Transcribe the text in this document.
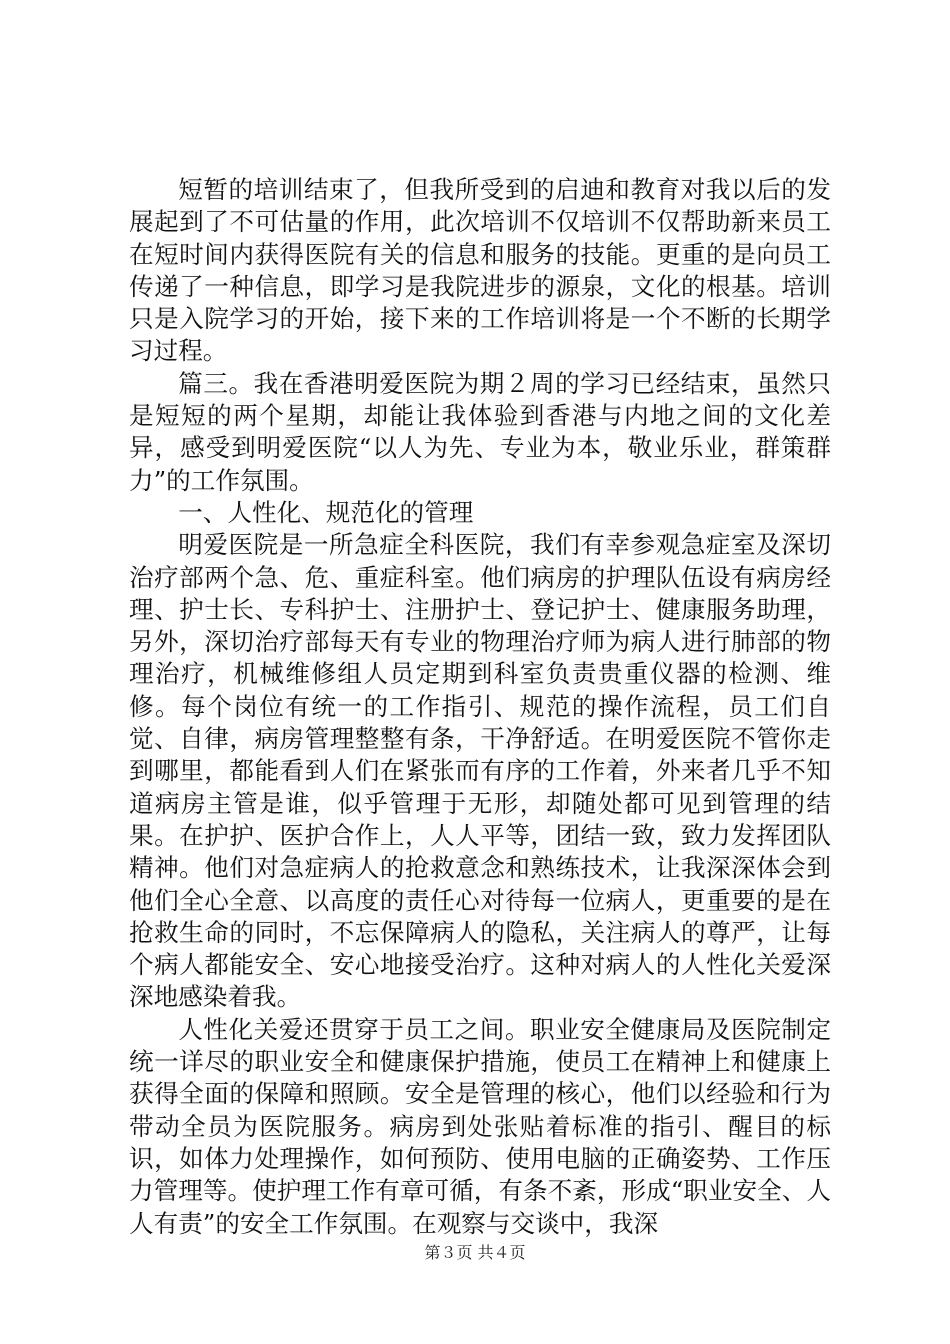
短暂的培训结束了，但我所受到的启迪和教育对我以后的发展起到了不可估量的作用，此次培训不仅培训不仅帮助新来员工在短时间内获得医院有关的信息和服务的技能。更重的是向员工传递了一种信息，即学习是我院进步的源泉，文化的根基。培训只是入院学习的开始，接下来的工作培训将是一个不断的长期学习过程。

篇三。我在香港明爱医院为期２周的学习已经结束，虽然只是短短的两个星期，却能让我体验到香港与内地之间的文化差异，感受到明爱医院“以人为先、专业为本，敬业乐业，群策群力”的工作氛围。

一、人性化、规范化的管理

明爱医院是一所急症全科医院，我们有幸参观急症室及深切治疗部两个急、危、重症科室。他们病房的护理队伍设有病房经理、护士长、专科护士、注册护士、登记护士、健康服务助理，另外，深切治疗部每天有专业的物理治疗师为病人进行肺部的物理治疗，机械维修组人员定期到科室负责贵重仪器的检测、维修。每个岗位有统一的工作指引、规范的操作流程，员工们自觉、自律，病房管理整整有条，干净舒适。在明爱医院不管你走到哪里，都能看到人们在紧张而有序的工作着，外来者几乎不知道病房主管是谁，似乎管理于无形，却随处都可见到管理的结果。在护护、医护合作上，人人平等，团结一致，致力发挥团队精神。他们对急症病人的抢救意念和熟练技术，让我深深体会到他们全心全意、以高度的责任心对待每一位病人，更重要的是在抢救生命的同时，不忘保障病人的隐私，关注病人的尊严，让每个病人都能安全、安心地接受治疗。这种对病人的人性化关爱深深地感染着我。

人性化关爱还贯穿于员工之间。职业安全健康局及医院制定统一详尽的职业安全和健康保护措施，使员工在精神上和健康上获得全面的保障和照顾。安全是管理的核心，他们以经验和行为带动全员为医院服务。病房到处张贴着标准的指引、醒目的标识，如体力处理操作，如何预防、使用电脑的正确姿势、工作压力管理等。使护理工作有章可循，有条不紊，形成“职业安全、人人有责”的安全工作氛围。在观察与交谈中，我深

第３页 共４页
